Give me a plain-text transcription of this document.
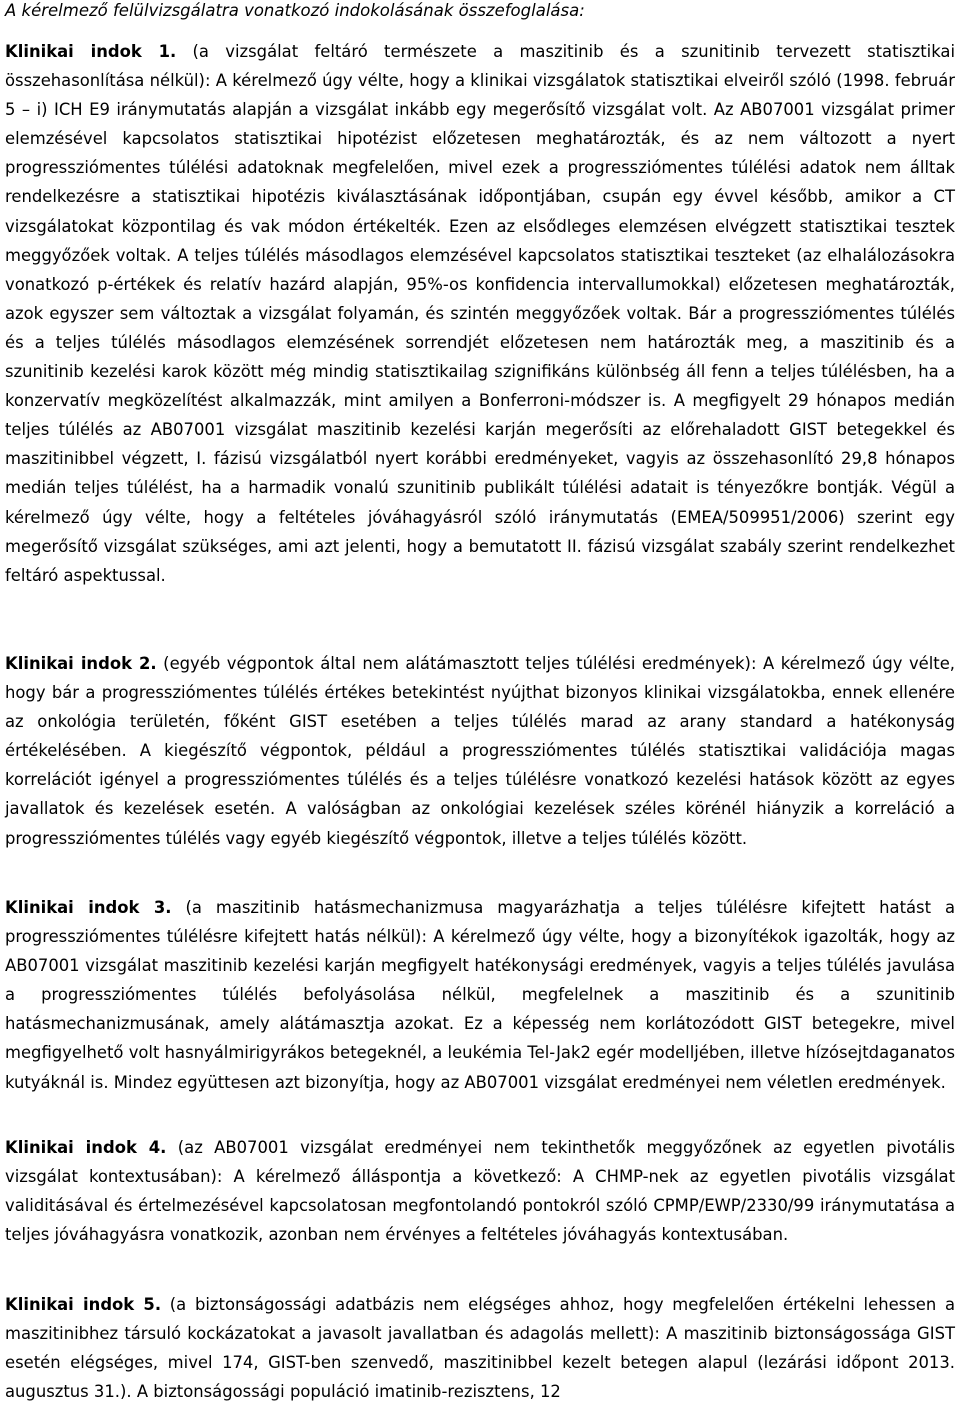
A kérelmező felülvizsgálatra vonatkozó indokolásának összefoglalása:

Klinikai indok 1. (a vizsgálat feltáró természete a maszitinib és a szunitinib tervezett statisztikai összehasonlítása nélkül): A kérelmező úgy vélte, hogy a klinikai vizsgálatok statisztikai elveiről szóló (1998. február 5 – i) ICH E9 iránymutatás alapján a vizsgálat inkább egy megerősítő vizsgálat volt. Az AB07001 vizsgálat primer elemzésével kapcsolatos statisztikai hipotézist előzetesen meghatározták, és az nem változott a nyert progressziómentes túlélési adatoknak megfelelően, mivel ezek a progressziómentes túlélési adatok nem álltak rendelkezésre a statisztikai hipotézis kiválasztásának időpontjában, csupán egy évvel később, amikor a CT vizsgálatokat központilag és vak módon értékelték. Ezen az elsődleges elemzésen elvégzett statisztikai tesztek meggyőzőek voltak. A teljes túlélés másodlagos elemzésével kapcsolatos statisztikai teszteket (az elhalálozásokra vonatkozó p-értékek és relatív hazárd alapján, 95%-os konfidencia intervallumokkal) előzetesen meghatározták, azok egyszer sem változtak a vizsgálat folyamán, és szintén meggyőzőek voltak. Bár a progressziómentes túlélés és a teljes túlélés másodlagos elemzésének sorrendjét előzetesen nem határozták meg, a maszitinib és a szunitinib kezelési karok között még mindig statisztikailag szignifikáns különbség áll fenn a teljes túlélésben, ha a konzervatív megközelítést alkalmazzák, mint amilyen a Bonferroni-módszer is. A megfigyelt 29 hónapos medián teljes túlélés az AB07001 vizsgálat maszitinib kezelési karján megerősíti az előrehaladott GIST betegekkel és maszitinibbel végzett, I. fázisú vizsgálatból nyert korábbi eredményeket, vagyis az összehasonlító 29,8 hónapos medián teljes túlélést, ha a harmadik vonalú szunitinib publikált túlélési adatait is tényezőkre bontják. Végül a kérelmező úgy vélte, hogy a feltételes jóváhagyásról szóló iránymutatás (EMEA/509951/2006) szerint egy megerősítő vizsgálat szükséges, ami azt jelenti, hogy a bemutatott II. fázisú vizsgálat szabály szerint rendelkezhet feltáró aspektussal.

Klinikai indok 2. (egyéb végpontok által nem alátámasztott teljes túlélési eredmények): A kérelmező úgy vélte, hogy bár a progressziómentes túlélés értékes betekintést nyújthat bizonyos klinikai vizsgálatokba, ennek ellenére az onkológia területén, főként GIST esetében a teljes túlélés marad az arany standard a hatékonyság értékelésében. A kiegészítő végpontok, például a progressziómentes túlélés statisztikai validációja magas korrelációt igényel a progressziómentes túlélés és a teljes túlélésre vonatkozó kezelési hatások között az egyes javallatok és kezelések esetén. A valóságban az onkológiai kezelések széles körénél hiányzik a korreláció a progressziómentes túlélés vagy egyéb kiegészítő végpontok, illetve a teljes túlélés között.

Klinikai indok 3. (a maszitinib hatásmechanizmusa magyarázhatja a teljes túlélésre kifejtett hatást a progressziómentes túlélésre kifejtett hatás nélkül): A kérelmező úgy vélte, hogy a bizonyítékok igazolták, hogy az AB07001 vizsgálat maszitinib kezelési karján megfigyelt hatékonysági eredmények, vagyis a teljes túlélés javulása a progressziómentes túlélés befolyásolása nélkül, megfelelnek a maszitinib és a szunitinib hatásmechanizmusának, amely alátámasztja azokat. Ez a képesség nem korlátozódott GIST betegekre, mivel megfigyelhető volt hasnyálmirigyrákos betegeknél, a leukémia Tel-Jak2 egér modelljében, illetve hízósejtdaganatos kutyáknál is. Mindez együttesen azt bizonyítja, hogy az AB07001 vizsgálat eredményei nem véletlen eredmények.

Klinikai indok 4. (az AB07001 vizsgálat eredményei nem tekinthetők meggyőzőnek az egyetlen pivotális vizsgálat kontextusában): A kérelmező álláspontja a következő: A CHMP-nek az egyetlen pivotális vizsgálat validitásával és értelmezésével kapcsolatosan megfontolandó pontokról szóló CPMP/EWP/2330/99 iránymutatása a teljes jóváhagyásra vonatkozik, azonban nem érvényes a feltételes jóváhagyás kontextusában.

Klinikai indok 5. (a biztonságossági adatbázis nem elégséges ahhoz, hogy megfelelően értékelni lehessen a maszitinibhez társuló kockázatokat a javasolt javallatban és adagolás mellett): A maszitinib biztonságossága GIST esetén elégséges, mivel 174, GIST-ben szenvedő, maszitinibbel kezelt betegen alapul (lezárási időpont 2013. augusztus 31.). A biztonságossági populáció imatinib-rezisztens, 12
